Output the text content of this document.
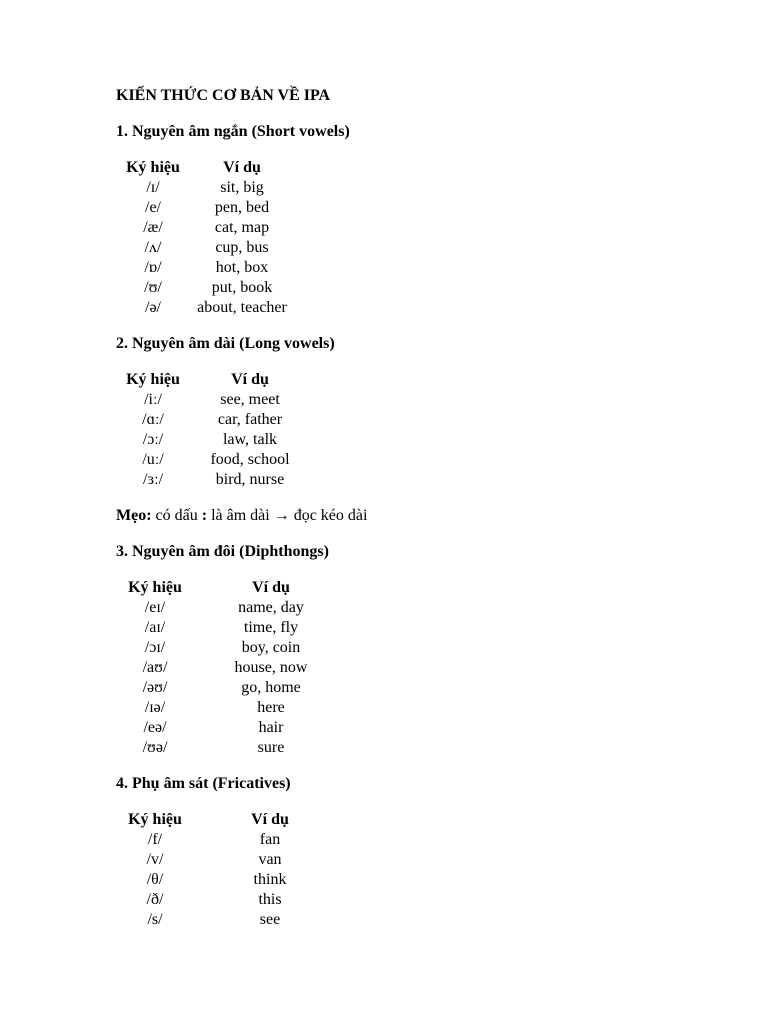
KIẾN THỨC CƠ BẢN VỀ IPA
1. Nguyên âm ngắn (Short vowels)
Ký hiệu	Ví dụ
/ɪ/	sit, big
/e/	pen, bed
/æ/	cat, map
/ʌ/	cup, bus
/ɒ/	hot, box
/ʊ/	put, book
/ə/	about, teacher
2. Nguyên âm dài (Long vowels)
Ký hiệu	Ví dụ
/iː/	see, meet
/ɑː/	car, father
/ɔː/	law, talk
/uː/	food, school
/ɜː/	bird, nurse

Mẹo: có dấu : là âm dài → đọc kéo dài

3. Nguyên âm đôi (Diphthongs)
Ký hiệu	Ví dụ
/eɪ/	name, day
/aɪ/	time, fly
/ɔɪ/	boy, coin
/aʊ/	house, now
/əʊ/	go, home
/ɪə/	here
/eə/	hair
/ʊə/	sure
4. Phụ âm sát (Fricatives)
Ký hiệu	Ví dụ
/f/	fan
/v/	van
/θ/	think
/ð/	this
/s/	see
